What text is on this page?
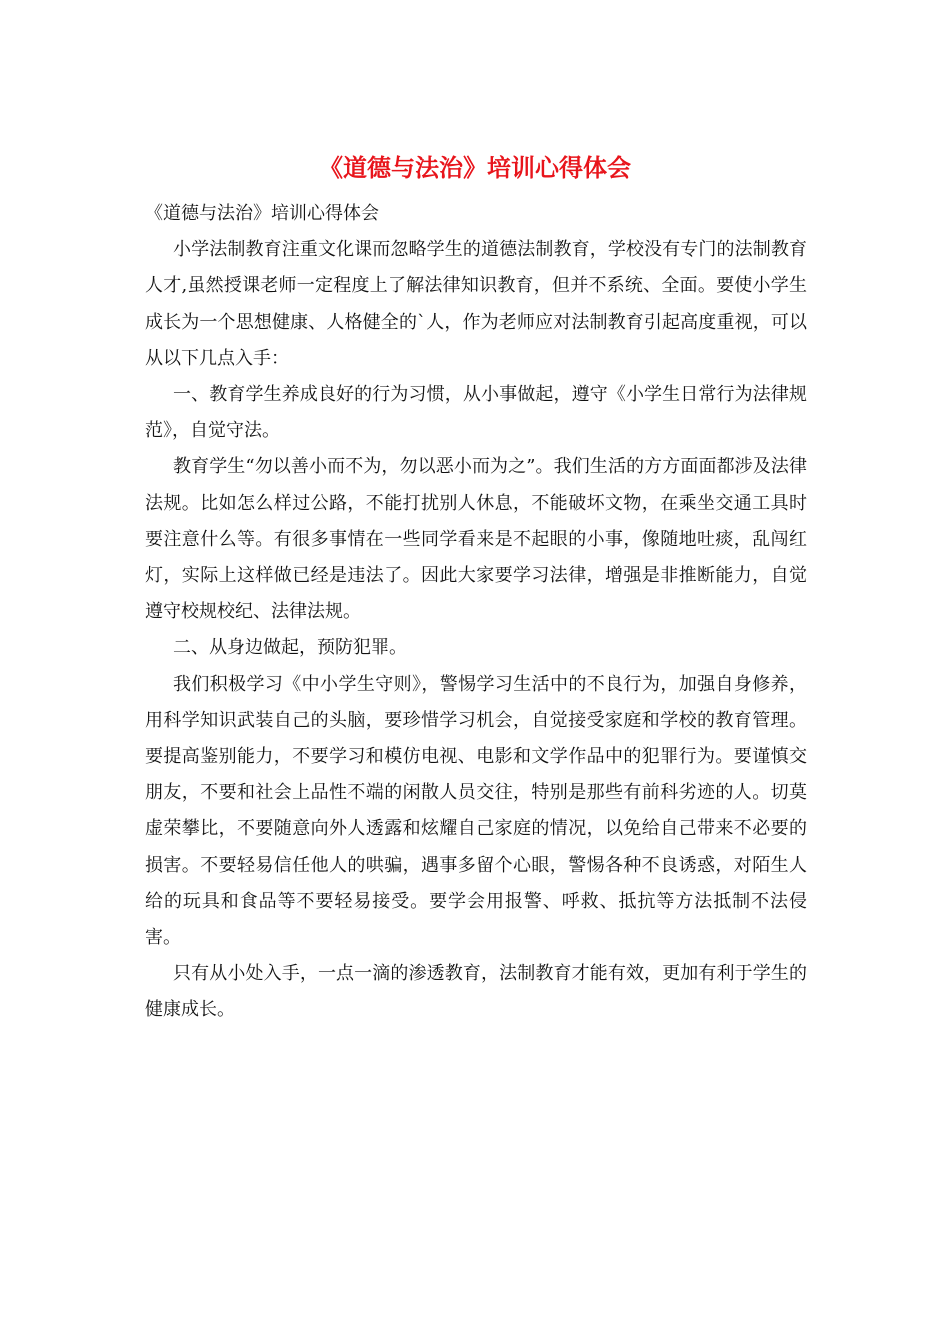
《道德与法治》培训心得体会

《道德与法治》培训心得体会

小学法制教育注重文化课而忽略学生的道德法制教育，学校没有专门的法制教育人才,虽然授课老师一定程度上了解法律知识教育，但并不系统、全面。要使小学生成长为一个思想健康、人格健全的`人，作为老师应对法制教育引起高度重视，可以从以下几点入手：

一、教育学生养成良好的行为习惯，从小事做起，遵守《小学生日常行为法律规范》，自觉守法。

教育学生“勿以善小而不为，勿以恶小而为之”。我们生活的方方面面都涉及法律法规。比如怎么样过公路，不能打扰别人休息，不能破坏文物，在乘坐交通工具时要注意什么等。有很多事情在一些同学看来是不起眼的小事，像随地吐痰，乱闯红灯，实际上这样做已经是违法了。因此大家要学习法律，增强是非推断能力，自觉遵守校规校纪、法律法规。

二、从身边做起，预防犯罪。

我们积极学习《中小学生守则》，警惕学习生活中的不良行为，加强自身修养，用科学知识武装自己的头脑，要珍惜学习机会，自觉接受家庭和学校的教育管理。要提高鉴别能力，不要学习和模仿电视、电影和文学作品中的犯罪行为。要谨慎交朋友，不要和社会上品性不端的闲散人员交往，特别是那些有前科劣迹的人。切莫虚荣攀比，不要随意向外人透露和炫耀自己家庭的情况，以免给自己带来不必要的损害。不要轻易信任他人的哄骗，遇事多留个心眼，警惕各种不良诱惑，对陌生人给的玩具和食品等不要轻易接受。要学会用报警、呼救、抵抗等方法抵制不法侵害。

只有从小处入手，一点一滴的渗透教育，法制教育才能有效，更加有利于学生的健康成长。
